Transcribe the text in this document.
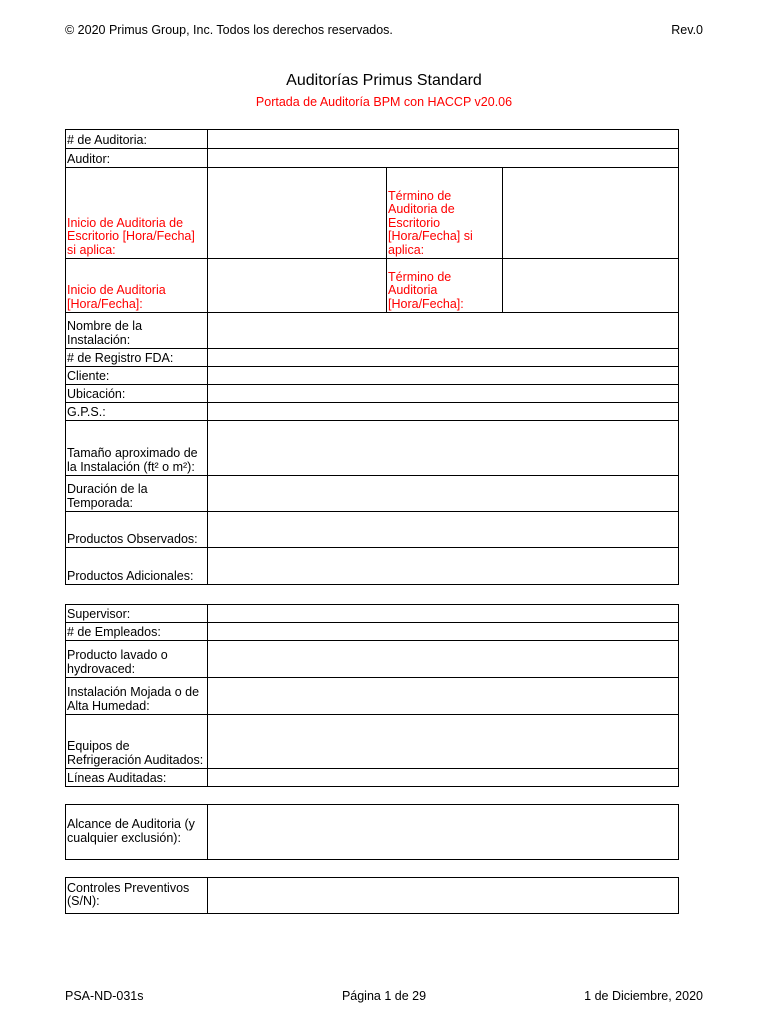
© 2020 Primus Group, Inc. Todos los derechos reservados.	Rev.0
Auditorías Primus Standard
Portada de Auditoría BPM con HACCP v20.06
# de Auditoria:			
Auditor:			
Inicio de Auditoria de Escritorio [Hora/Fecha] si aplica:		Término de Auditoria de Escritorio [Hora/Fecha] si aplica:	
Inicio de Auditoria [Hora/Fecha]:		Término de Auditoria [Hora/Fecha]:	
Nombre de la Instalación:			
# de Registro FDA:			
Cliente:			
Ubicación:			
G.P.S.:			
Tamaño aproximado de la Instalación (ft² o m²):			
Duración de la Temporada:			
Productos Observados:			
Productos Adicionales:			
Supervisor:	
# de Empleados:	
Producto lavado o hydrovaced:	
Instalación Mojada o de Alta Humedad:	
Equipos de Refrigeración Auditados:	
Líneas Auditadas:	
Alcance de Auditoria (y cualquier exclusión):	
Controles Preventivos (S/N):	
PSA-ND-031s	Página 1 de 29	1 de Diciembre, 2020
